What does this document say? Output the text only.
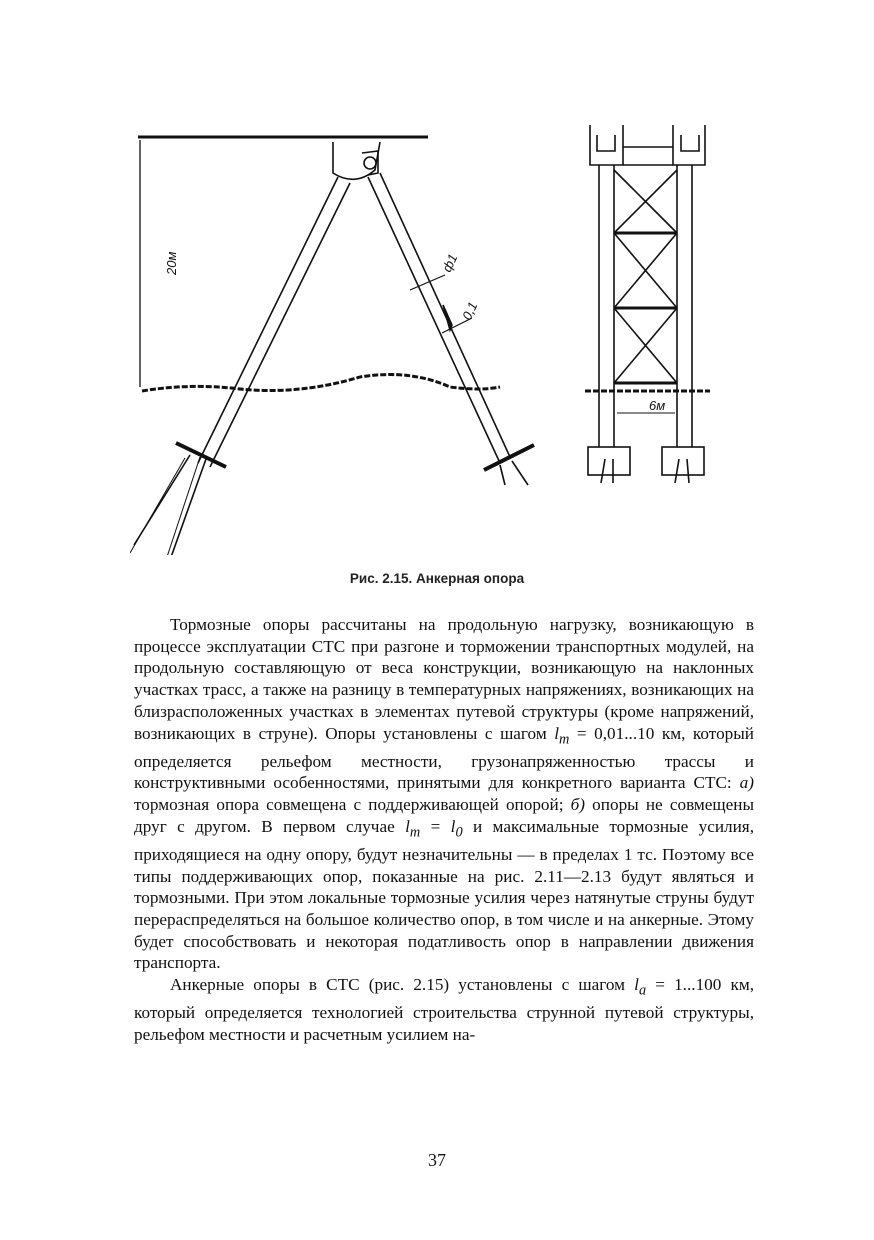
20м	ф1
0,1
6м
Рис. 2.15. Анкерная опора

Тормозные опоры рассчитаны на продольную нагрузку, возникающую в процессе эксплуатации СТС при разгоне и торможении транспортных модулей, на продольную составляющую от веса конструкции, возникающую на наклонных участках трасс, а также на разницу в температурных напряжениях, возникающих на близрасположенных участках в элементах путевой структуры (кроме напряжений, возникающих в струне). Опоры установлены с шагом $l_m = 0,01...10$ км, который определяется рельефом местности, грузонапряженностью трассы и конструктивными особенностями, принятыми для конкретного варианта СТС: а) тормозная опора совмещена с поддерживающей опорой; б) опоры не совмещены друг с другом. В первом случае $l_m = l_0$ и максимальные тормозные усилия, приходящиеся на одну опору, будут незначительны — в пределах 1 тс. Поэтому все типы поддерживающих опор, показанные на рис. 2.11—2.13 будут являться и тормозными. При этом локальные тормозные усилия через натянутые струны будут перераспределяться на большое количество опор, в том числе и на анкерные. Этому будет способствовать и некоторая податливость опор в направлении движения транспорта.

Анкерные опоры в СТС (рис. 2.15) установлены с шагом $l_a = 1...100$ км, который определяется технологией строительства струнной путевой структуры, рельефом местности и расчетным усилием на-

37
